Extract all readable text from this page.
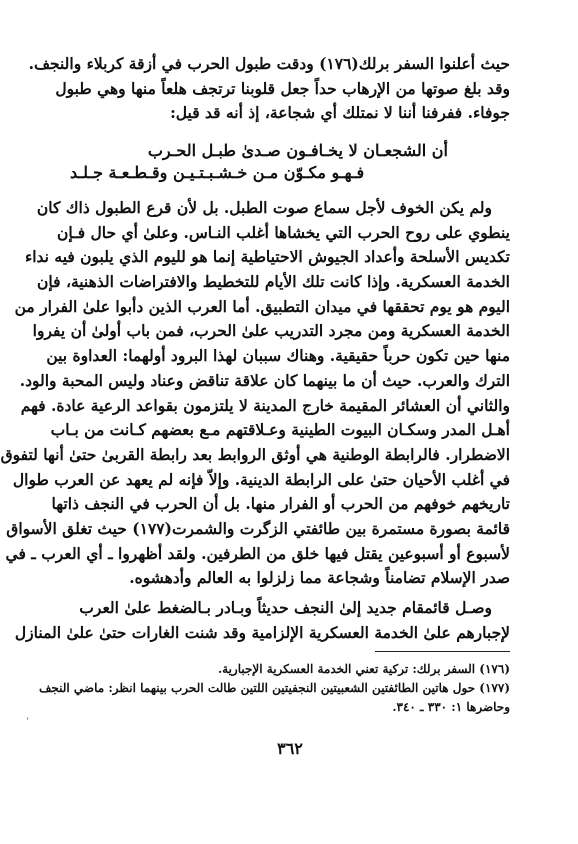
حيث أعلنوا السفر برلك(١٧٦) ودقت طبول الحرب في أزقة كربلاء والنجف.
وقد بلغ صوتها من الإرهاب حداً جعل قلوبنا ترتجف هلعاً منها وهي طبول
جوفاء. ففرفنا أننا لا نمتلك أي شجاعة، إذ أنه قد قيل:
أن الشجعـان لا يخـافـون صـدىٰ طبـل الحـرب
فـهـو مكـوّن مـن خـشـبـتـيـن وقـطـعـة جـلـد
ولم يكن الخوف لأجل سماع صوت الطبل. بل لأن قرع الطبول ذاك كان
ينطوي على روح الحرب التي يخشاها أغلب النـاس. وعلىٰ أي حال فـإن
تكديس الأسلحة وأعداد الجيوش الاحتياطية إنما هو لليوم الذي يلبون فيه نداء
الخدمة العسكرية. وإذا كانت تلك الأيام للتخطيط والافتراضات الذهنية، فإن
اليوم هو يوم تحققها في ميدان التطبيق. أما العرب الذين دأبوا علىٰ الفرار من
الخدمة العسكرية ومن مجرد التدريب علىٰ الحرب، فمن باب أولىٰ أن يفروا
منها حين تكون حرباً حقيقية. وهناك سببان لهذا البرود أولهما: العداوة بين
الترك والعرب. حيث أن ما بينهما كان علاقة تناقض وعناد وليس المحبة والود.
والثاني أن العشائر المقيمة خارج المدينة لا يلتزمون بقواعد الرعية عادة. فهم
أهـل المدر وسكـان البيوت الطينية وعـلاقتهم مـع بعضهم كـانت من بـاب
الاضطرار. فالرابطة الوطنية هي أوثق الروابط بعد رابطة القربىٰ حتىٰ أنها لتفوق
في أغلب الأحيان حتىٰ على الرابطة الدينية. وإلاّ فإنه لم يعهد عن العرب طوال
تاريخهم خوفهم من الحرب أو الفرار منها. بل أن الحرب في النجف ذاتها
قائمة بصورة مستمرة بين طائفتي الزگرت والشمرت(١٧٧) حيث تغلق الأسواق
لأسبوع أو أسبوعين يقتل فيها خلق من الطرفين. ولقد أظهروا ـ أي العرب ـ في
صدر الإسلام تضامناً وشجاعة مما زلزلوا به العالم وأدهشوه.
وصـل قائمقام جديد إلىٰ النجف حديثاً وبـادر بـالضغط علىٰ العرب
لإجبارهم علىٰ الخدمة العسكرية الإلزامية وقد شنت الغارات حتىٰ علىٰ المنازل
(١٧٦) السفر برلك: تركية تعني الخدمة العسكرية الإجبارية.
(١٧٧) حول هاتين الطائفتين الشعبيتين النجفيتين اللتين طالت الحرب بينهما انظر: ماضي النجف
وحاضرها ١: ٣٣٠ ـ ٣٤٠.
‘
٣٦٢
